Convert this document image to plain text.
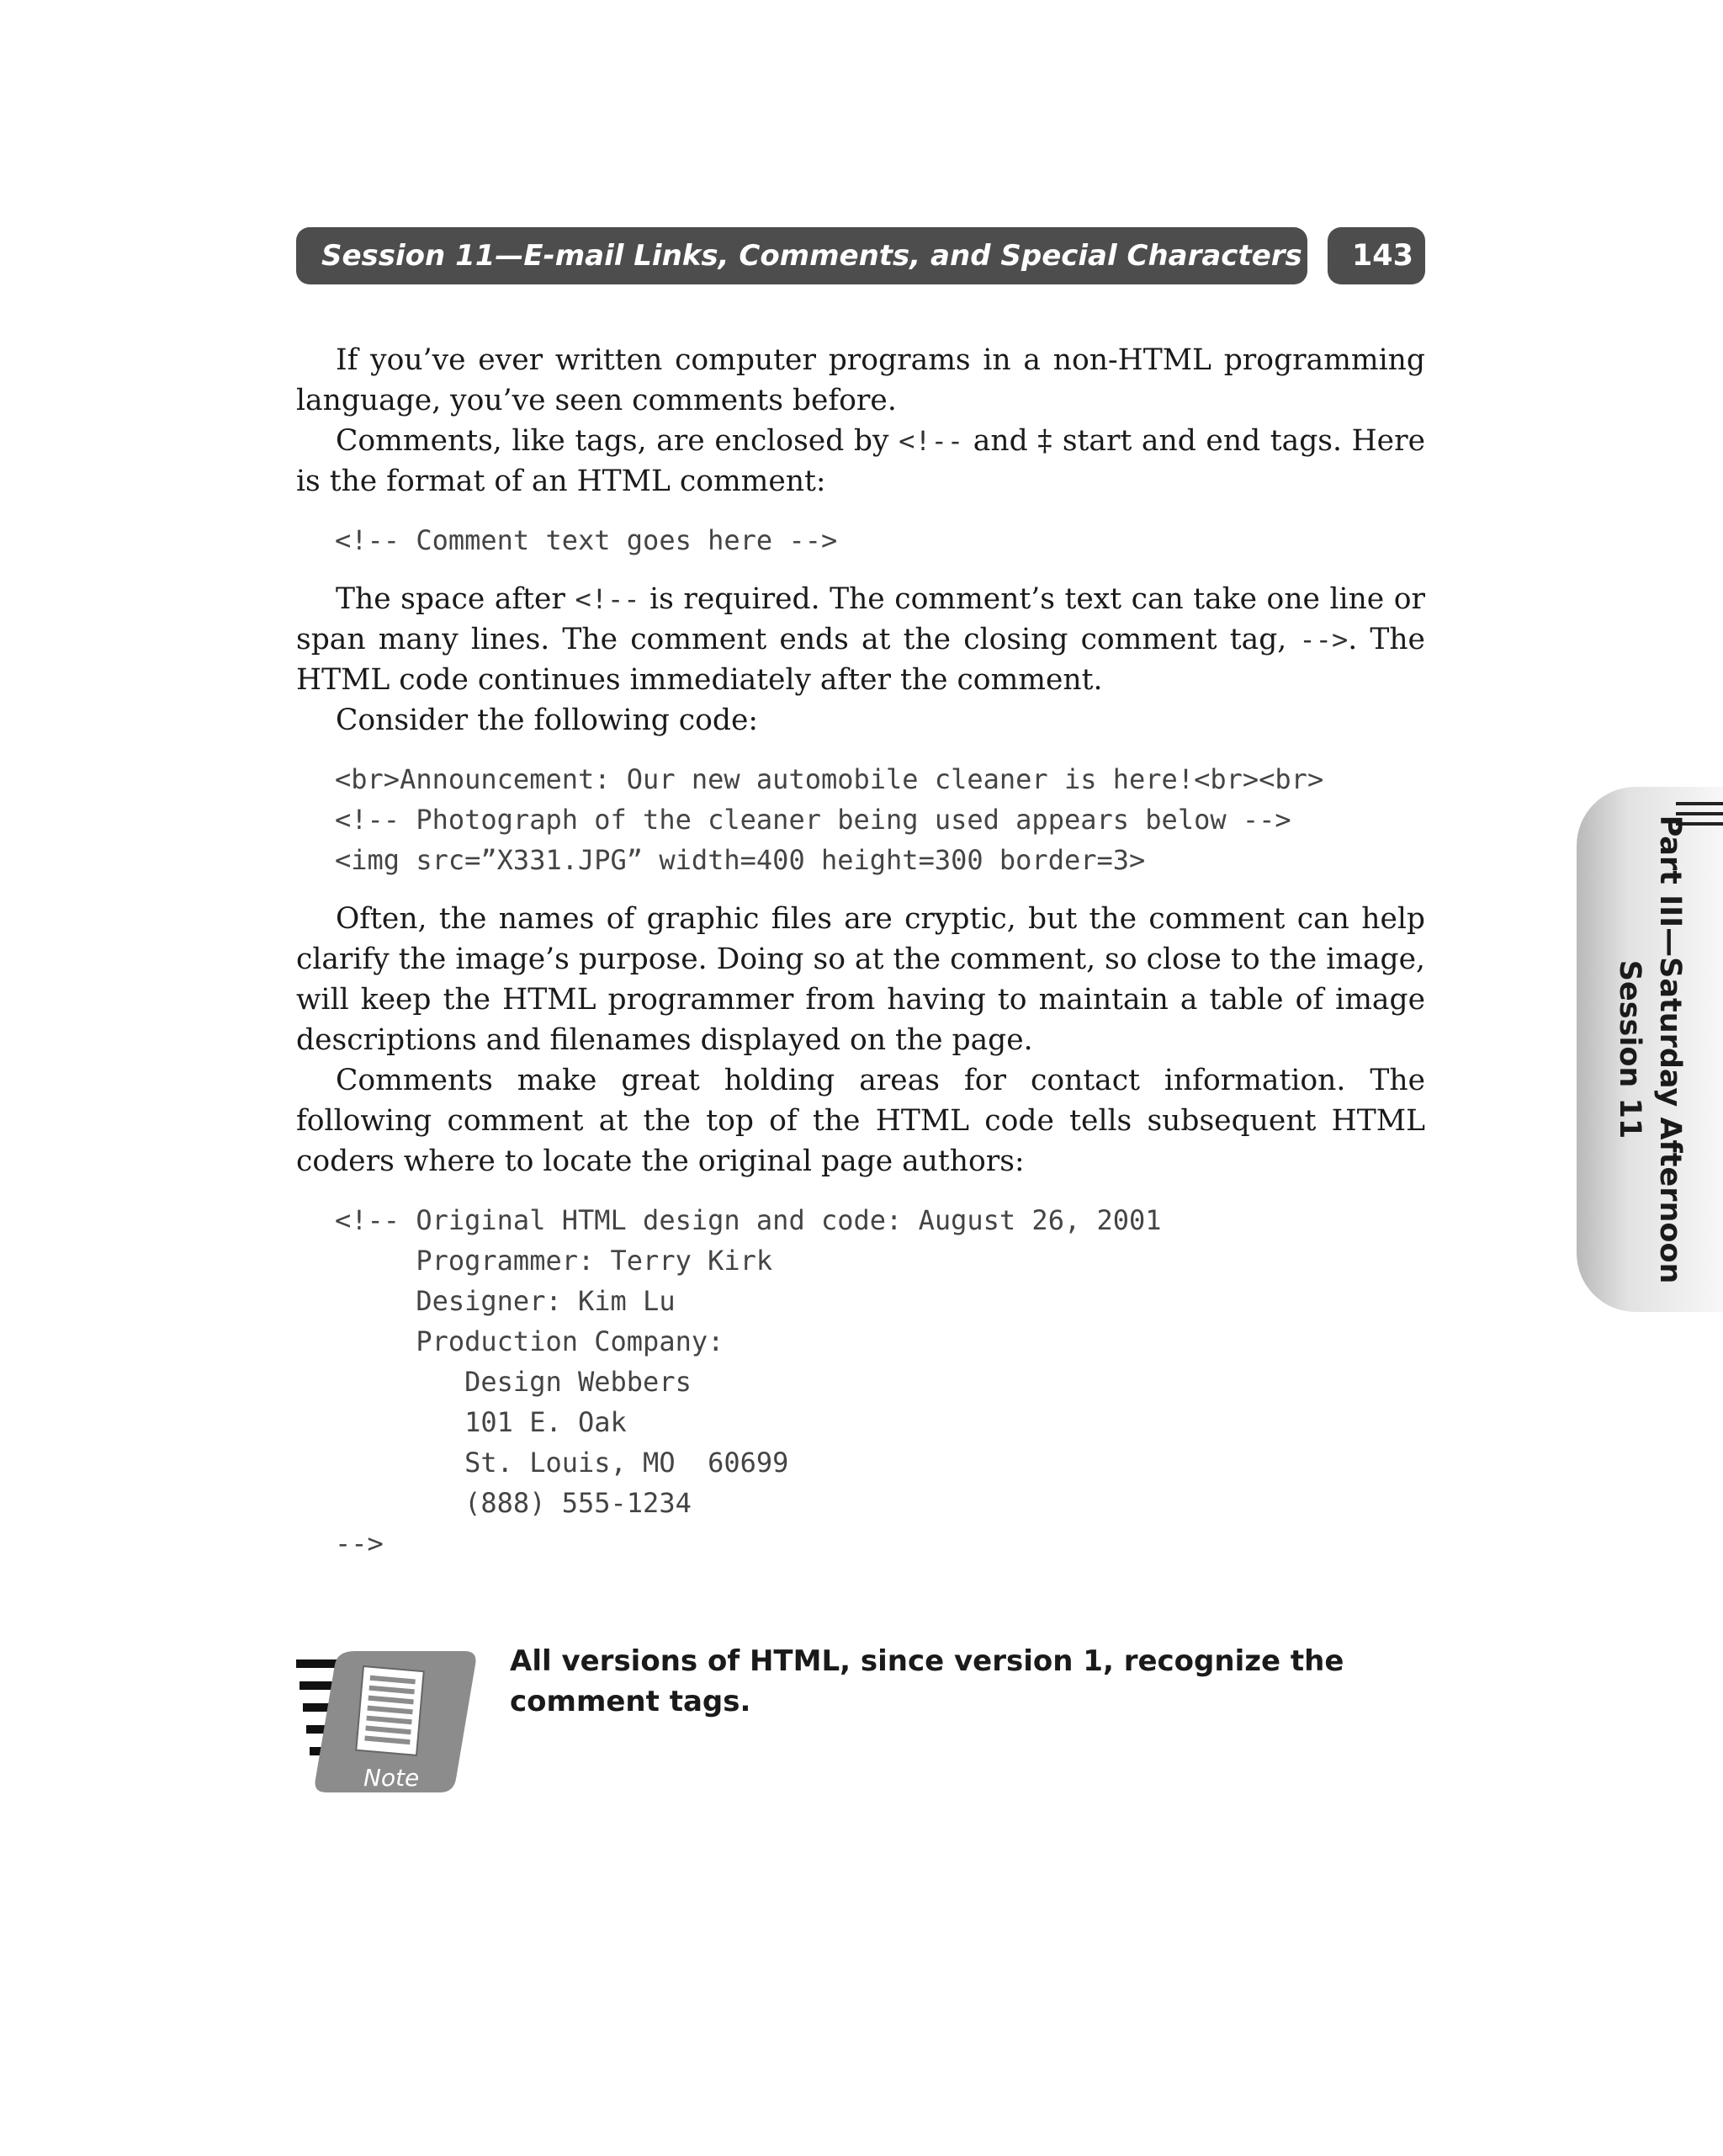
Session 11—E-mail Links, Comments, and Special Characters	143

If you’ve ever written computer programs in a non-HTML programming language, you’ve seen comments before.

Comments, like tags, are enclosed by <!-- and ‡ start and end tags. Here is the format of an HTML comment:

<!-- Comment text goes here -->

The space after <!-- is required. The comment’s text can take one line or span many lines. The comment ends at the closing comment tag, -->. The HTML code continues immediately after the comment.

Consider the following code:

<br>Announcement: Our new automobile cleaner is here!<br><br>
<!-- Photograph of the cleaner being used appears below -->
<img src=”X331.JPG” width=400 height=300 border=3>

Often, the names of graphic files are cryptic, but the comment can help clarify the image’s purpose. Doing so at the comment, so close to the image, will keep the HTML programmer from having to maintain a table of image descriptions and filenames displayed on the page.

Comments make great holding areas for contact information. The following comment at the top of the HTML code tells subsequent HTML coders where to locate the original page authors:

<!-- Original HTML design and code: August 26, 2001
Programmer: Terry Kirk
Designer: Kim Lu
Production Company:
Design Webbers
101 E. Oak
St. Louis, MO  60699
(888) 555-1234
-->
Part III—Saturday Afternoon
Session 11
Note
All versions of HTML, since version 1, recognize the comment tags.
